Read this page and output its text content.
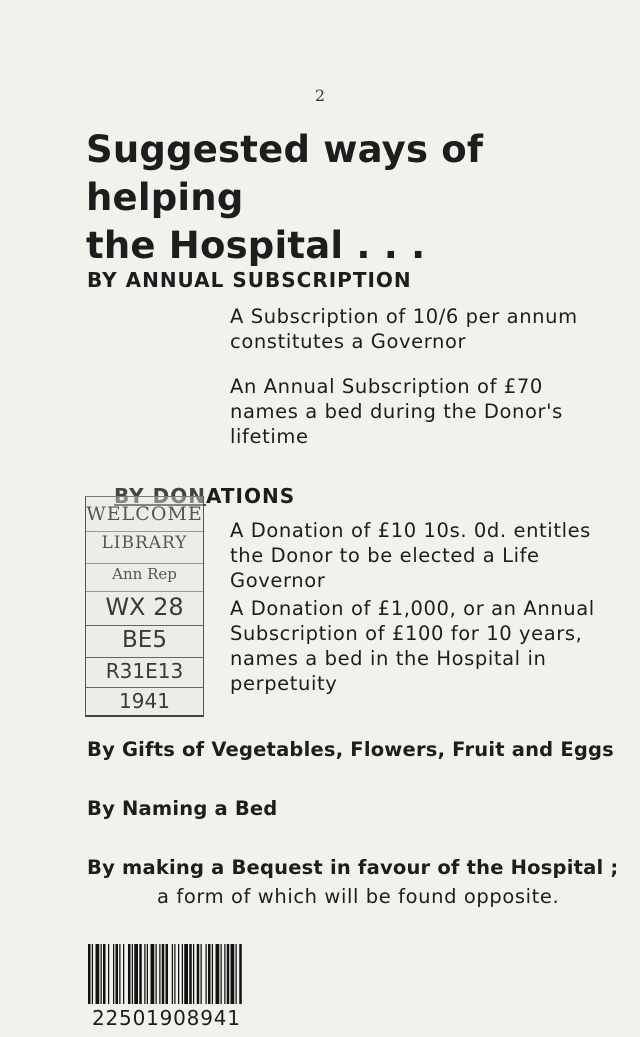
2
Suggested ways of helping
the Hospital . . .
BY ANNUAL SUBSCRIPTION
A Subscription of 10/6 per annum
constitutes a Governor
An Annual Subscription of £70
names a bed during the Donor's
lifetime
BY DONATIONS
WELCOME
LIBRARY
Ann Rep
WX 28
BE5
R31E13
1941
A Donation of £10 10s. 0d. entitles
the Donor to be elected a Life
Governor
A Donation of £1,000, or an Annual
Subscription of £100 for 10 years,
names a bed in the Hospital in
perpetuity
By Gifts of Vegetables, Flowers, Fruit and Eggs
By Naming a Bed
By making a Bequest in favour of the Hospital ;
a form of which will be found opposite.
22501908941
